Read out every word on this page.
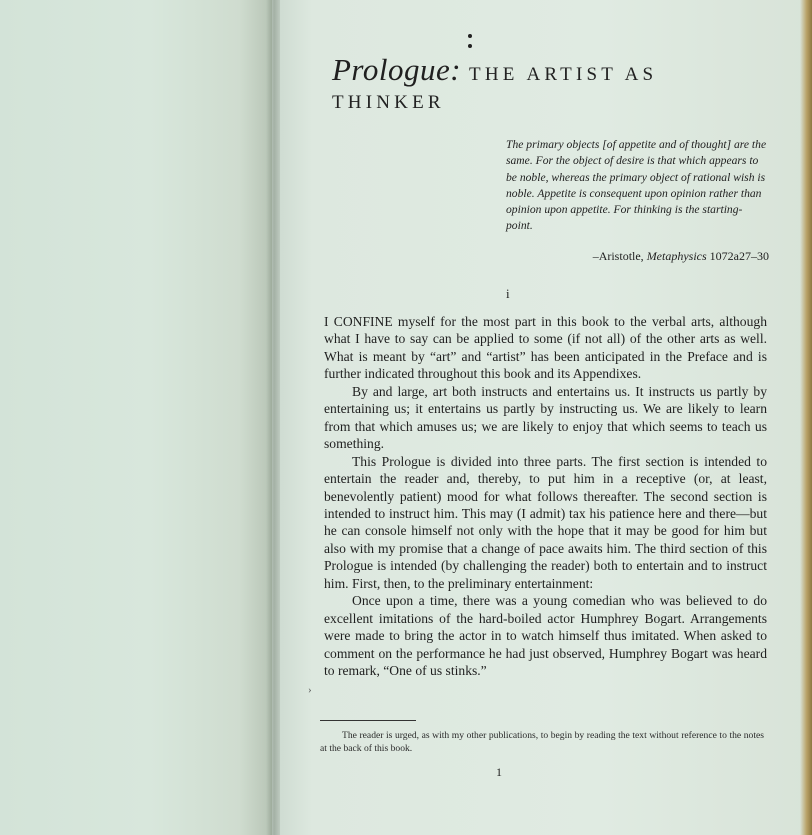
Prologue: THE ARTIST AS
THINKER

The primary objects [of appetite and of thought] are the same. For the object of desire is that which appears to be noble, whereas the primary object of rational wish is noble. Appetite is consequent upon opinion rather than opinion upon appetite. For thinking is the starting-point.

–Aristotle, Metaphysics 1072a27–30
i

I CONFINE myself for the most part in this book to the verbal arts, although what I have to say can be applied to some (if not all) of the other arts as well. What is meant by “art” and “artist” has been anticipated in the Preface and is further indicated throughout this book and its Appendixes.

By and large, art both instructs and entertains us. It instructs us partly by entertaining us; it entertains us partly by instructing us. We are likely to learn from that which amuses us; we are likely to enjoy that which seems to teach us something.

This Prologue is divided into three parts. The first section is intended to entertain the reader and, thereby, to put him in a receptive (or, at least, benevolently patient) mood for what follows thereafter. The second section is intended to instruct him. This may (I admit) tax his patience here and there—but he can console himself not only with the hope that it may be good for him but also with my promise that a change of pace awaits him. The third section of this Prologue is intended (by challenging the reader) both to entertain and to instruct him. First, then, to the preliminary entertainment:

Once upon a time, there was a young comedian who was believed to do excellent imitations of the hard-boiled actor Humphrey Bogart. Arrangements were made to bring the actor in to watch himself thus imitated. When asked to comment on the performance he had just observed, Humphrey Bogart was heard to remark, “One of us stinks.”

›
The reader is urged, as with my other publications, to begin by reading the text without reference to the notes at the back of this book.
1
